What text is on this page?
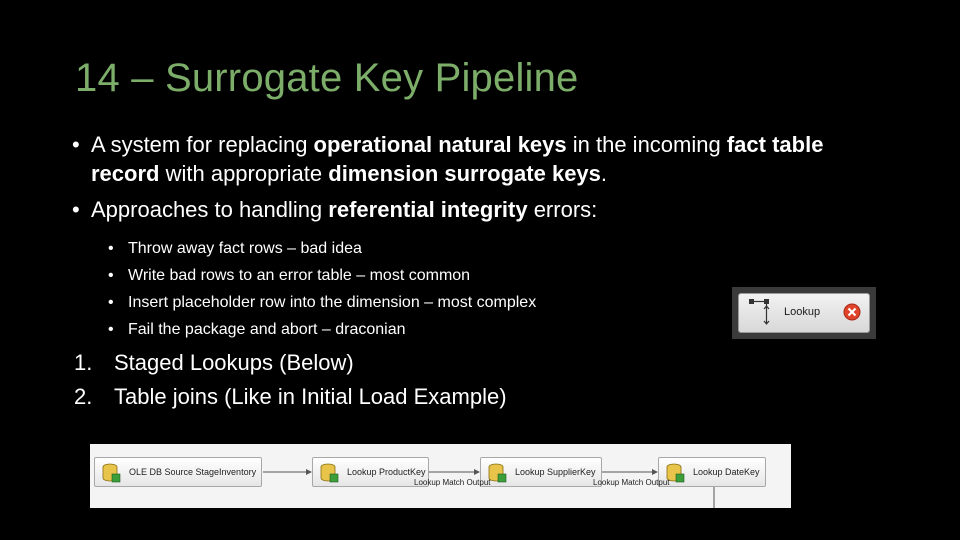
14 – Surrogate Key Pipeline
• A system for replacing operational natural keys in the incoming fact table record with appropriate dimension surrogate keys.
• Approaches to handling referential integrity errors:
• Throw away fact rows – bad idea
• Write bad rows to an error table – most common
• Insert placeholder row into the dimension – most complex
• Fail the package and abort – draconian
Lookup
1. Staged Lookups (Below)
2. Table joins (Like in Initial Load Example)
OLE DB Source StageInventory	Lookup ProductKey	Lookup SupplierKey	Lookup DateKey
Lookup Match Output	Lookup Match Output
